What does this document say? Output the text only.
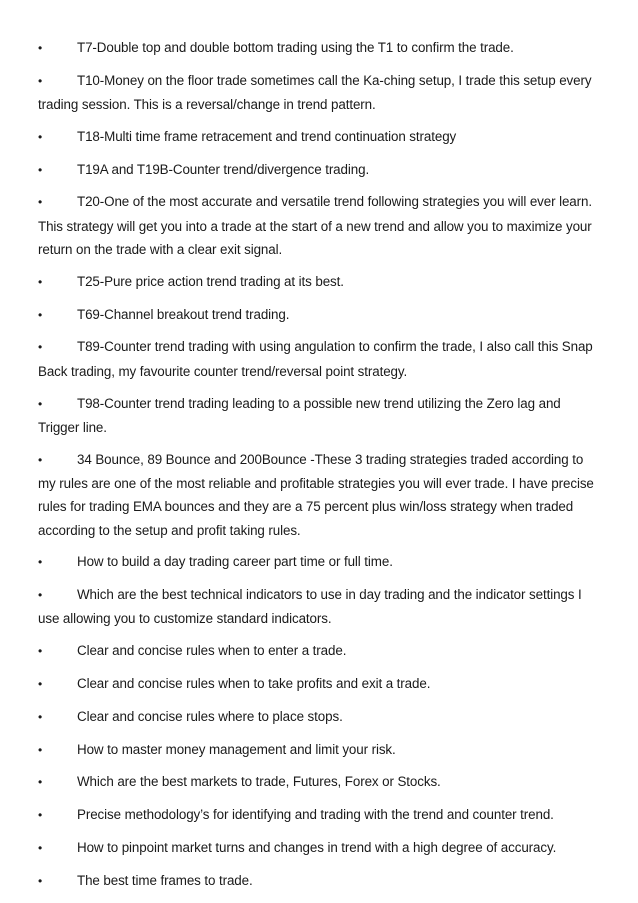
•	T7-Double top and double bottom trading using the T1 to confirm the trade.
•	T10-Money on the floor trade sometimes call the Ka-ching setup, I trade this setup every trading session. This is a reversal/change in trend pattern.
•	T18-Multi time frame retracement and trend continuation strategy
•	T19A and T19B-Counter trend/divergence trading.
•	T20-One of the most accurate and versatile trend following strategies you will ever learn. This strategy will get you into a trade at the start of a new trend and allow you to maximize your return on the trade with a clear exit signal.
•	T25-Pure price action trend trading at its best.
•	T69-Channel breakout trend trading.
•	T89-Counter trend trading with using angulation to confirm the trade, I also call this Snap Back trading, my favourite counter trend/reversal point strategy.
•	T98-Counter trend trading leading to a possible new trend utilizing the Zero lag and Trigger line.
•	34 Bounce, 89 Bounce and 200Bounce -These 3 trading strategies traded according to my rules are one of the most reliable and profitable strategies you will ever trade. I have precise rules for trading EMA bounces and they are a 75 percent plus win/loss strategy when traded according to the setup and profit taking rules.
•	How to build a day trading career part time or full time.
•	Which are the best technical indicators to use in day trading and the indicator settings I use allowing you to customize standard indicators.
•	Clear and concise rules when to enter a trade.
•	Clear and concise rules when to take profits and exit a trade.
•	Clear and concise rules where to place stops.
•	How to master money management and limit your risk.
•	Which are the best markets to trade, Futures, Forex or Stocks.
•	Precise methodology’s for identifying and trading with the trend and counter trend.
•	How to pinpoint market turns and changes in trend with a high degree of accuracy.
•	The best time frames to trade.
